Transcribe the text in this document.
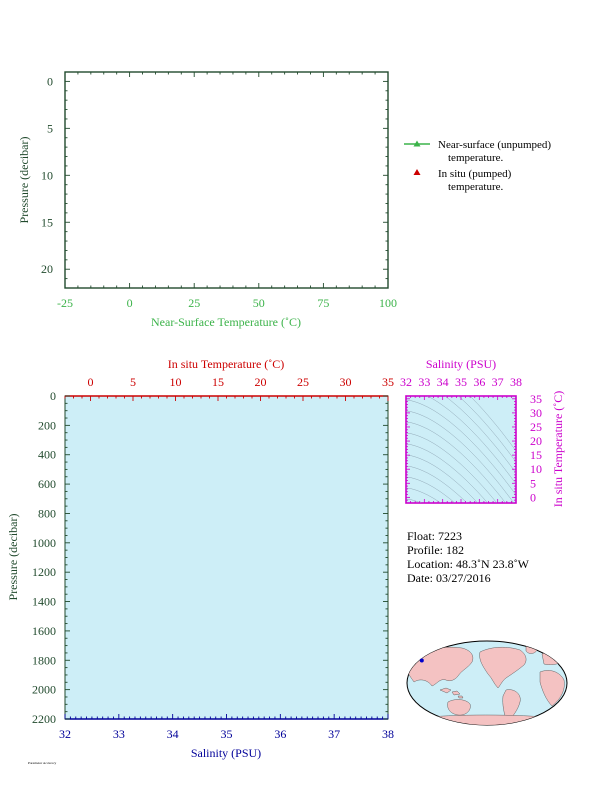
-25	0	25	50	75	100
0
5
10
15
20
Near-Surface Temperature (˚C)
Pressure (decibar)	Near-surface (unpumped)
temperature.
In situ (pumped)
temperature.
0	5	10	15	20	25	30	35
32	33	34	35	36	37	38
0
200
400
600
800
1000
1200
1400
1600
1800
2000
2200
In situ Temperature (˚C)
Salinity (PSU)
Pressure (decibar)
32 33 34 35 36 37 38
0
5
10
15
20
25
30
35
Salinity (PSU)
In situ Temperature (˚C)
Float: 7223
Profile: 182
Location: 48.3˚N 23.8˚W
Date: 03/27/2016
Parameter Accuracy
